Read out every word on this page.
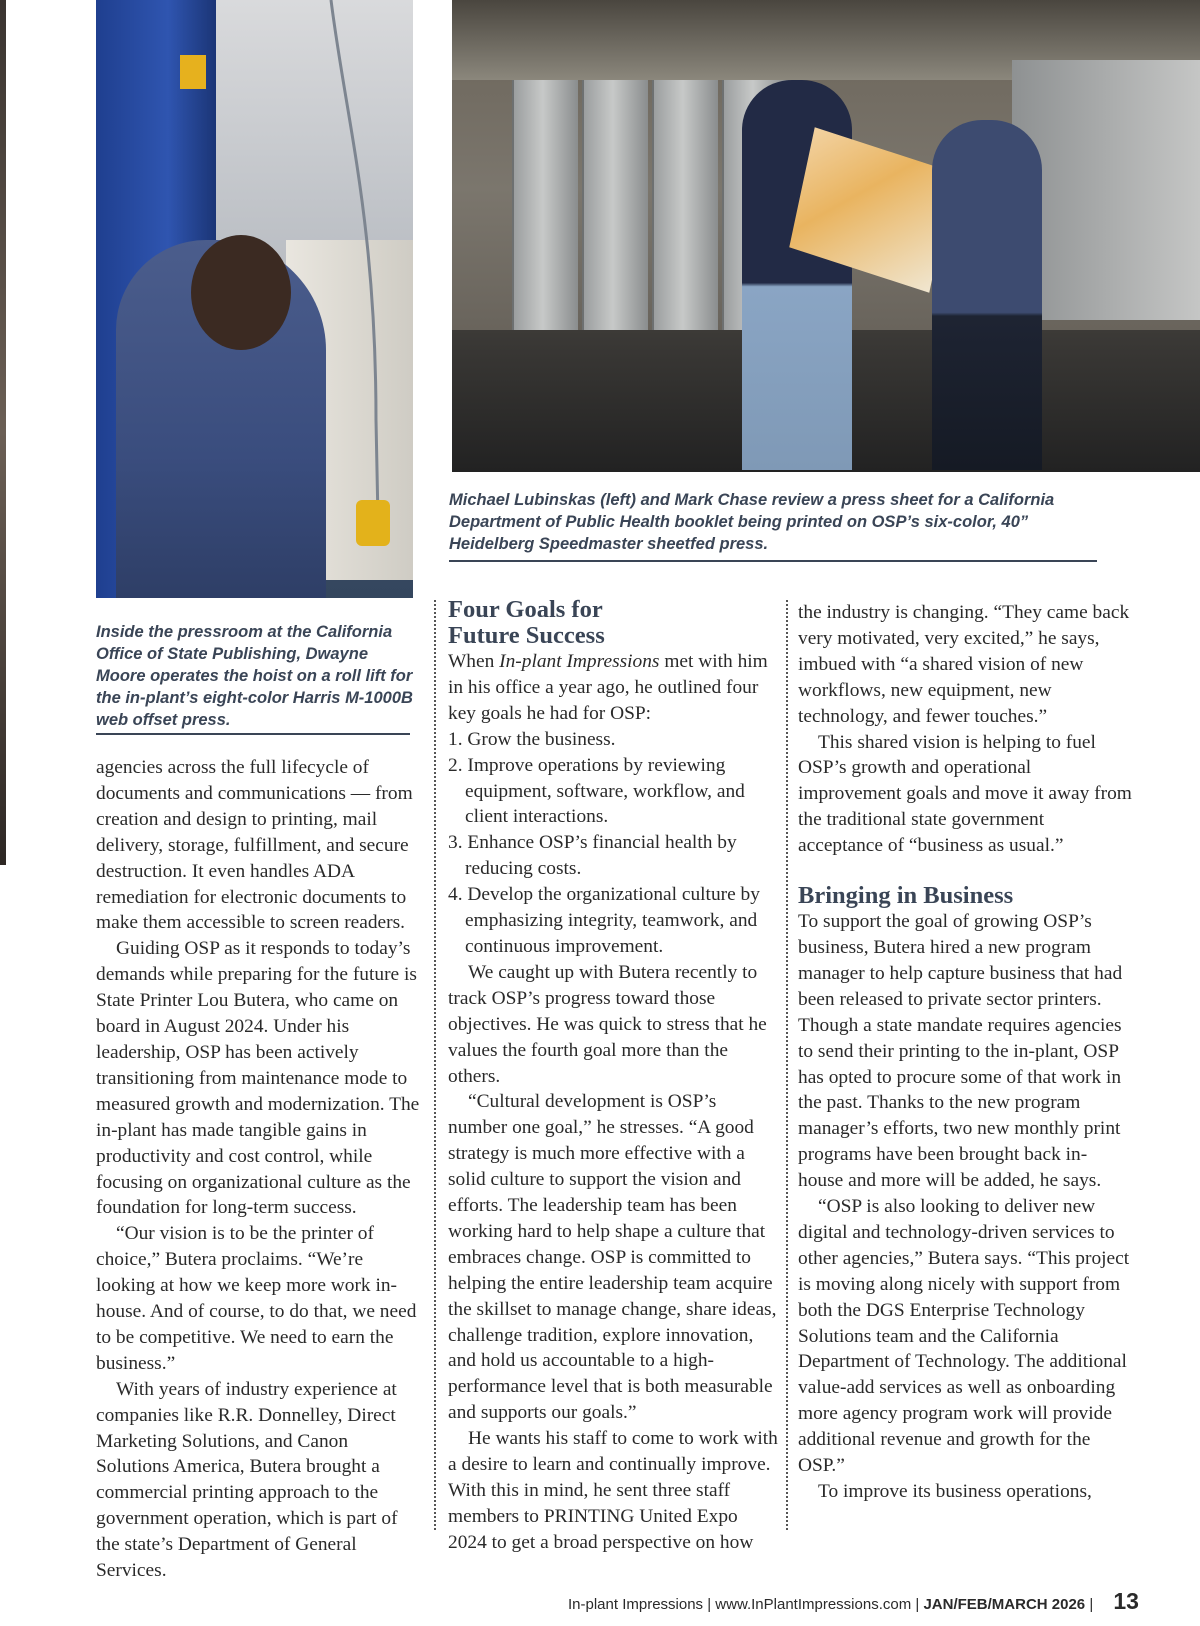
Michael Lubinskas (left) and Mark Chase review a press sheet for a California Department of Public Health booklet being printed on OSP’s six-color, 40” Heidelberg Speedmaster sheetfed press.
Inside the pressroom at the California Office of State Publishing, Dwayne Moore operates the hoist on a roll lift for the in-plant’s eight-color Harris M-1000B web offset press.

agencies across the full lifecycle of documents and communications — from creation and design to printing, mail delivery, storage, fulfillment, and secure destruction. It even handles ADA remediation for electronic documents to make them accessible to screen readers.

Guiding OSP as it responds to today’s demands while preparing for the future is State Printer Lou Butera, who came on board in August 2024. Under his leadership, OSP has been actively transitioning from maintenance mode to measured growth and modernization. The in-plant has made tangible gains in productivity and cost control, while focusing on organizational culture as the foundation for long-term success.

“Our vision is to be the printer of choice,” Butera proclaims. “We’re looking at how we keep more work in-house. And of course, to do that, we need to be competitive. We need to earn the business.”

With years of industry experience at companies like R.R. Donnelley, Direct Marketing Solutions, and Canon Solutions America, Butera brought a commercial printing approach to the government operation, which is part of the state’s Department of General Services.

Four Goals for
Future Success

When In-plant Impressions met with him in his office a year ago, he outlined four key goals he had for OSP:

1. Grow the business.
2. Improve operations by reviewing equipment, software, workflow, and client interactions.
3. Enhance OSP’s financial health by reducing costs.
4. Develop the organizational culture by emphasizing integrity, teamwork, and continuous improvement.

We caught up with Butera recently to track OSP’s progress toward those objectives. He was quick to stress that he values the fourth goal more than the others.

“Cultural development is OSP’s number one goal,” he stresses. “A good strategy is much more effective with a solid culture to support the vision and efforts. The leadership team has been working hard to help shape a culture that embraces change. OSP is committed to helping the entire leadership team acquire the skillset to manage change, share ideas, challenge tradition, explore innovation, and hold us accountable to a high-performance level that is both measurable and supports our goals.”

He wants his staff to come to work with a desire to learn and continually improve. With this in mind, he sent three staff members to PRINTING United Expo 2024 to get a broad perspective on how

the industry is changing. “They came back very motivated, very excited,” he says, imbued with “a shared vision of new workflows, new equipment, new technology, and fewer touches.”

This shared vision is helping to fuel OSP’s growth and operational improvement goals and move it away from the traditional state government acceptance of “business as usual.”

Bringing in Business

To support the goal of growing OSP’s business, Butera hired a new program manager to help capture business that had been released to private sector printers. Though a state mandate requires agencies to send their printing to the in-plant, OSP has opted to procure some of that work in the past. Thanks to the new program manager’s efforts, two new monthly print programs have been brought back in-house and more will be added, he says.

“OSP is also looking to deliver new digital and technology-driven services to other agencies,” Butera says. “This project is moving along nicely with support from both the DGS Enterprise Technology Solutions team and the California Department of Technology. The additional value-add services as well as onboarding more agency program work will provide additional revenue and growth for the OSP.”

To improve its business operations,

In-plant Impressions | www.InPlantImpressions.com | JAN/FEB/MARCH 2026 | 13
